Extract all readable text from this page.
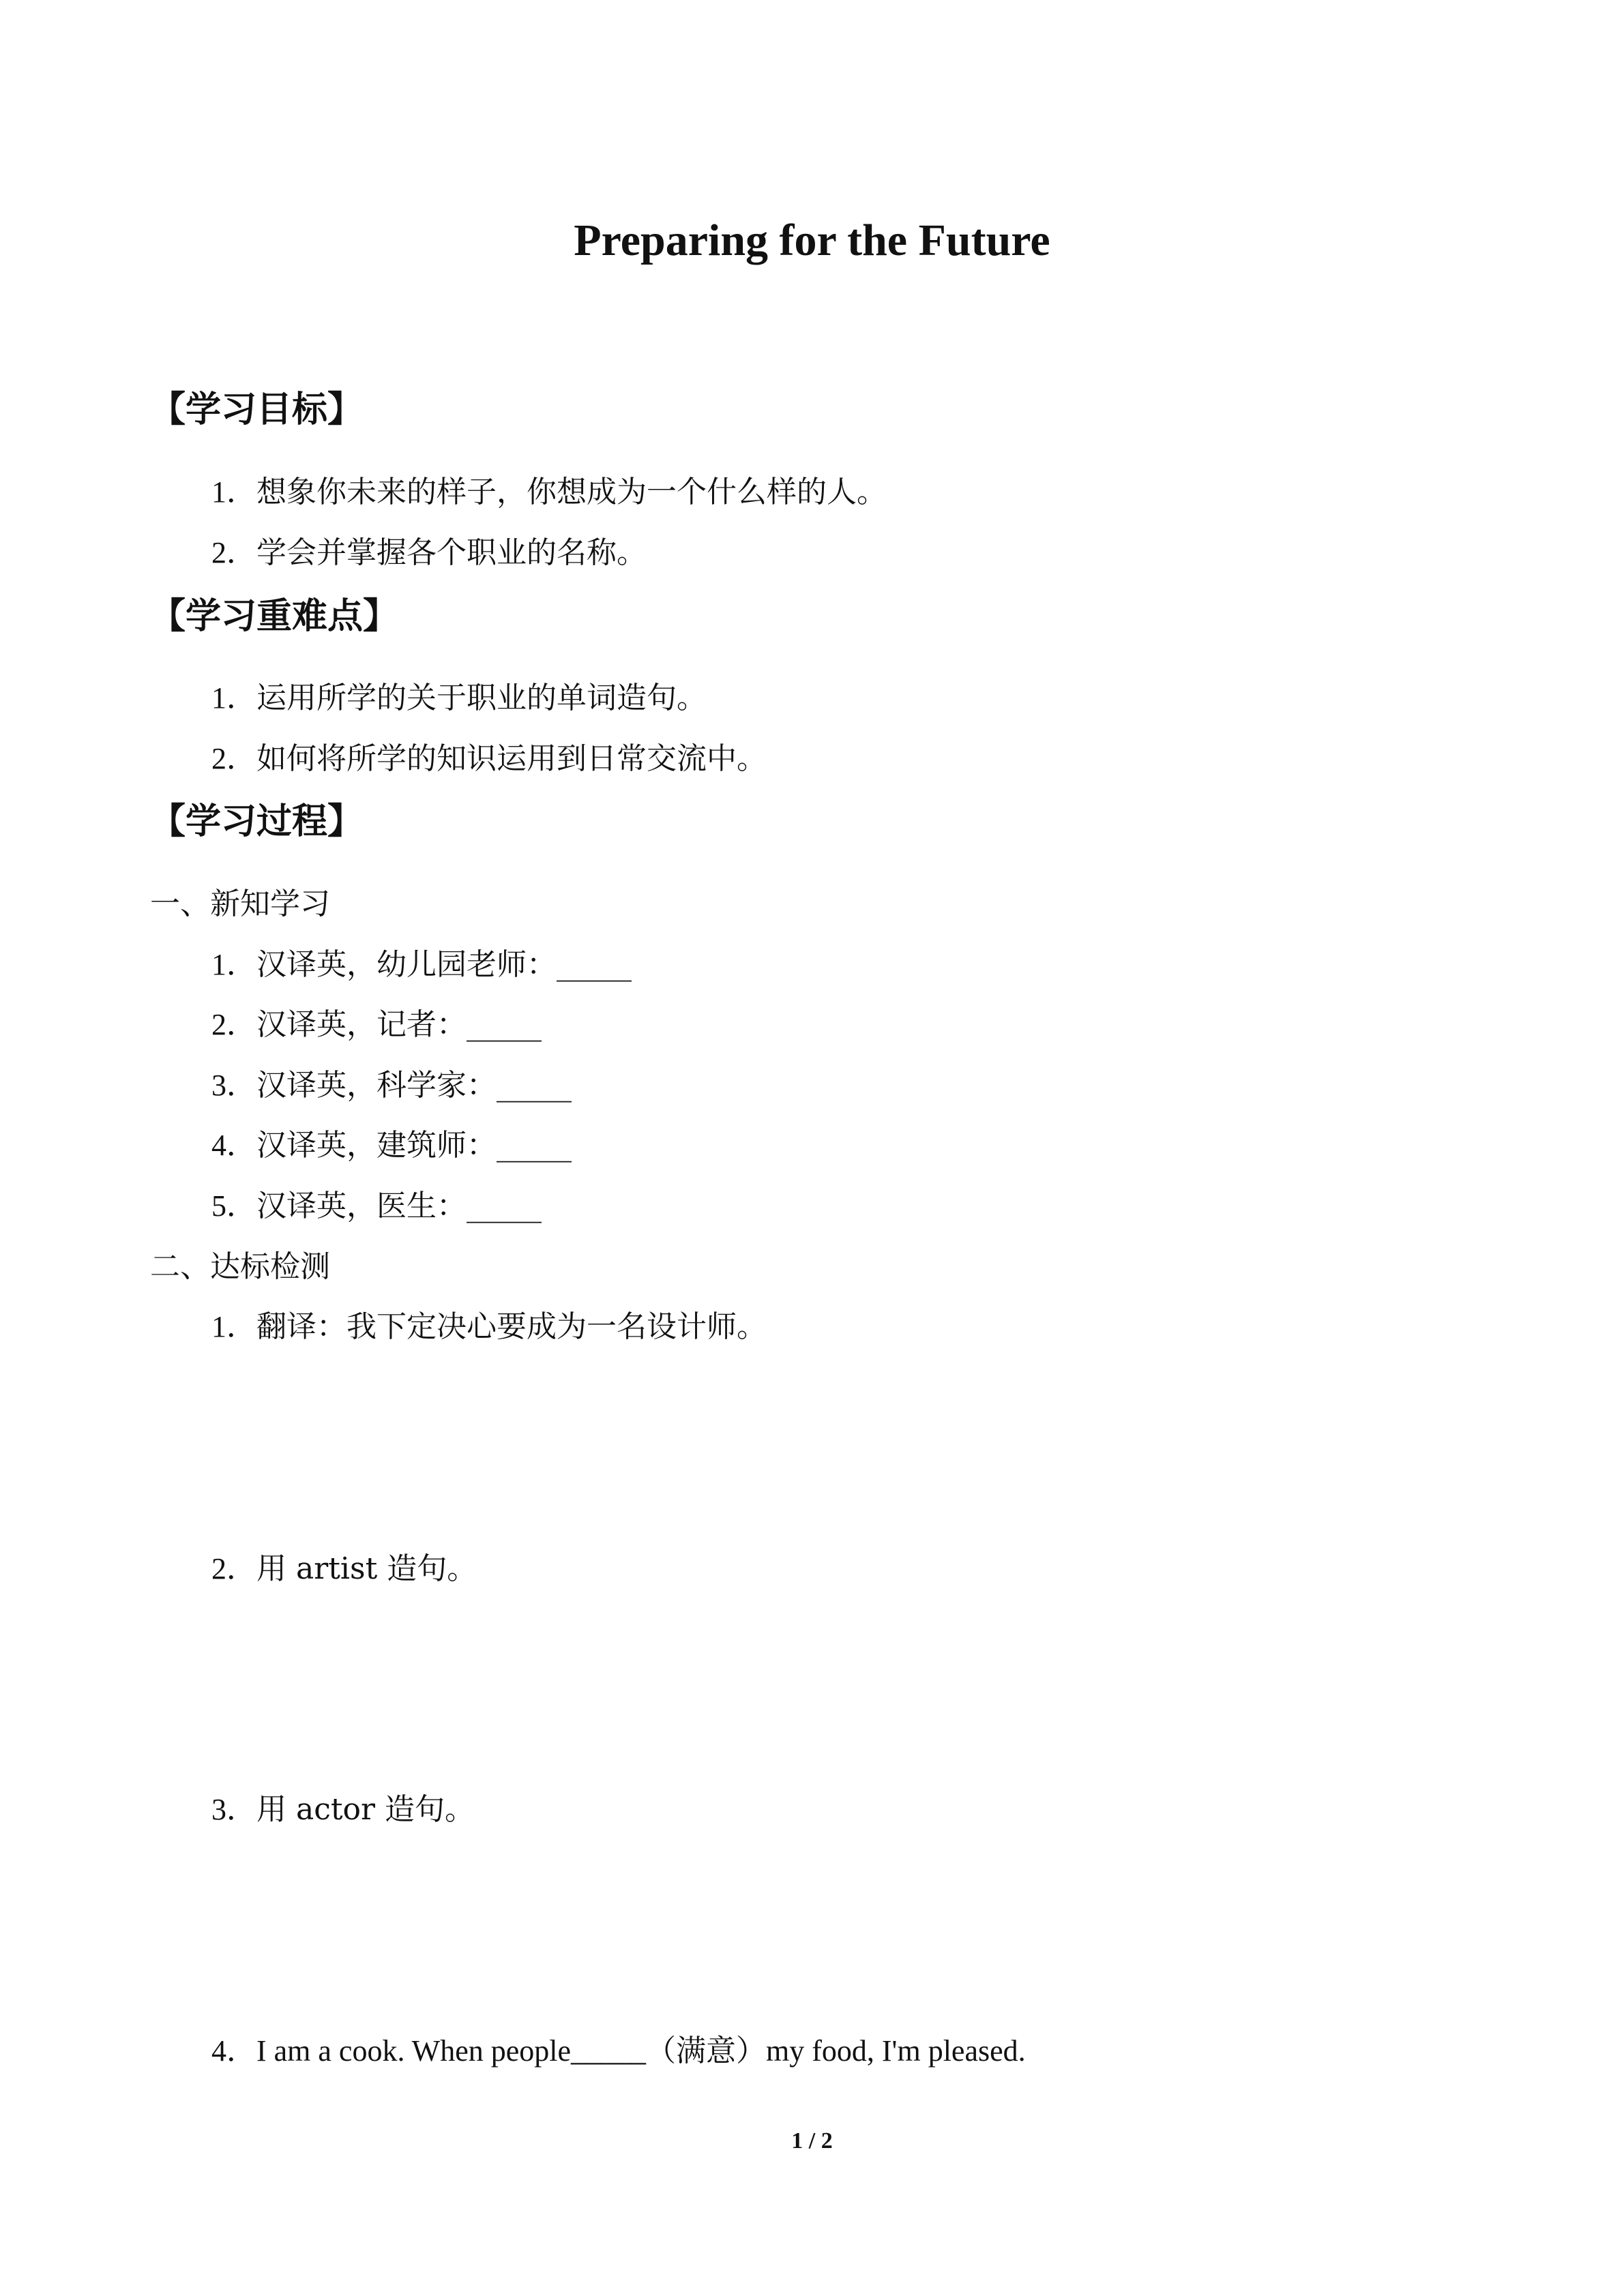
Preparing for the Future
【学习目标】
1．想象你未来的样子，你想成为一个什么样的人。
2．学会并掌握各个职业的名称。
【学习重难点】
1．运用所学的关于职业的单词造句。
2．如何将所学的知识运用到日常交流中。
【学习过程】
一、新知学习
1．汉译英，幼儿园老师：_____
2．汉译英，记者：_____
3．汉译英，科学家：_____
4．汉译英，建筑师：_____
5．汉译英，医生：_____
二、达标检测
1．翻译：我下定决心要成为一名设计师。
2．用 artist 造句。
3．用 actor 造句。
4．I am a cook. When people_____（满意）my food, I'm pleased.
1 / 2
